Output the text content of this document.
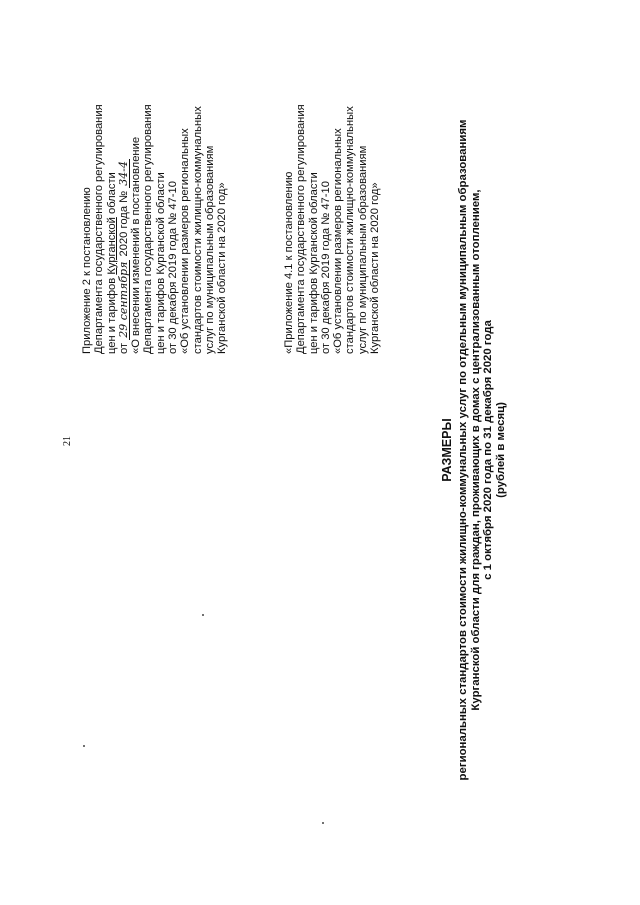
21
Приложение 2 к постановлению Департамента государственного регулирования цен и тарифов Курганской области
от 29 сентября 2020 года № 34-4 «О внесении изменений в постановление Департамента государственного регулирования цен и тарифов Курганской области от 30 декабря 2019 года № 47-10 «Об установлении размеров региональных стандартов стоимости жилищно-коммунальных услуг по муниципальным образованиям Курганской области на 2020 год»	«Приложение 4.1 к постановлению Департамента государственного регулирования цен и тарифов Курганской области от 30 декабря 2019 года № 47-10 «Об установлении размеров региональных стандартов стоимости жилищно-коммунальных услуг по муниципальным образованиям Курганской области на 2020 год»
РАЗМЕРЫ региональных стандартов стоимости жилищно-коммунальных услуг по отдельным муниципальным образованиям Курганской области для граждан, проживающих в домах с централизованным отоплением, с 1 октября 2020 года по 31 декабря 2020 года (рублей в месяц)
